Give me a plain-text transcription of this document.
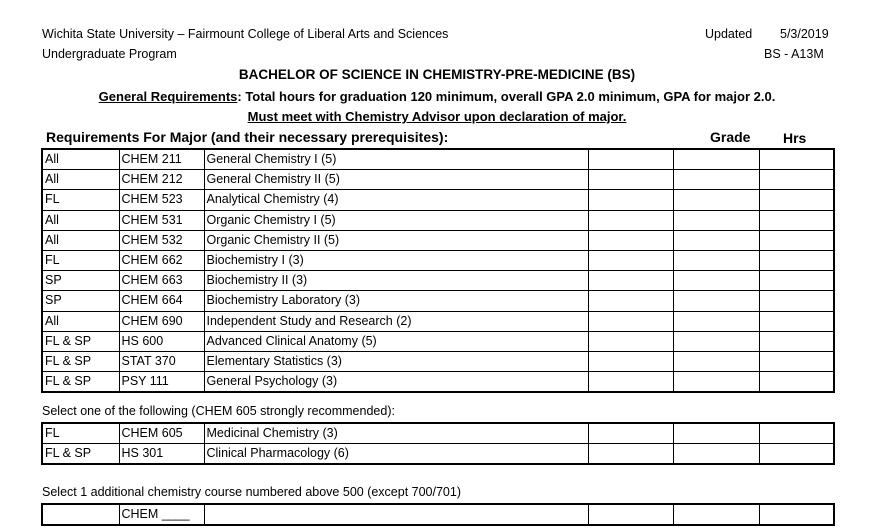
Wichita State University – Fairmount College of Liberal Arts and Sciences
Undergraduate Program
Updated 5/3/2019
BS - A13M
BACHELOR OF SCIENCE IN CHEMISTRY-PRE-MEDICINE (BS)
General Requirements: Total hours for graduation 120 minimum, overall GPA 2.0 minimum, GPA for major 2.0.
Must meet with Chemistry Advisor upon declaration of major.
Requirements For Major (and their necessary prerequisites):	Grade Hrs
All	CHEM 211	General Chemistry I (5)			
All	CHEM 212	General Chemistry II (5)			
FL	CHEM 523	Analytical Chemistry (4)			
All	CHEM 531	Organic Chemistry I (5)			
All	CHEM 532	Organic Chemistry II (5)			
FL	CHEM 662	Biochemistry I (3)			
SP	CHEM 663	Biochemistry II (3)			
SP	CHEM 664	Biochemistry Laboratory (3)			
All	CHEM 690	Independent Study and Research (2)			
FL & SP	HS 600	Advanced Clinical Anatomy (5)			
FL & SP	STAT 370	Elementary Statistics (3)			
FL & SP	PSY 111	General Psychology (3)			
Select one of the following (CHEM 605 strongly recommended):
FL	CHEM 605	Medicinal Chemistry (3)			
FL & SP	HS 301	Clinical Pharmacology (6)			
Select 1 additional chemistry course numbered above 500 (except 700/701)
	CHEM ____				
